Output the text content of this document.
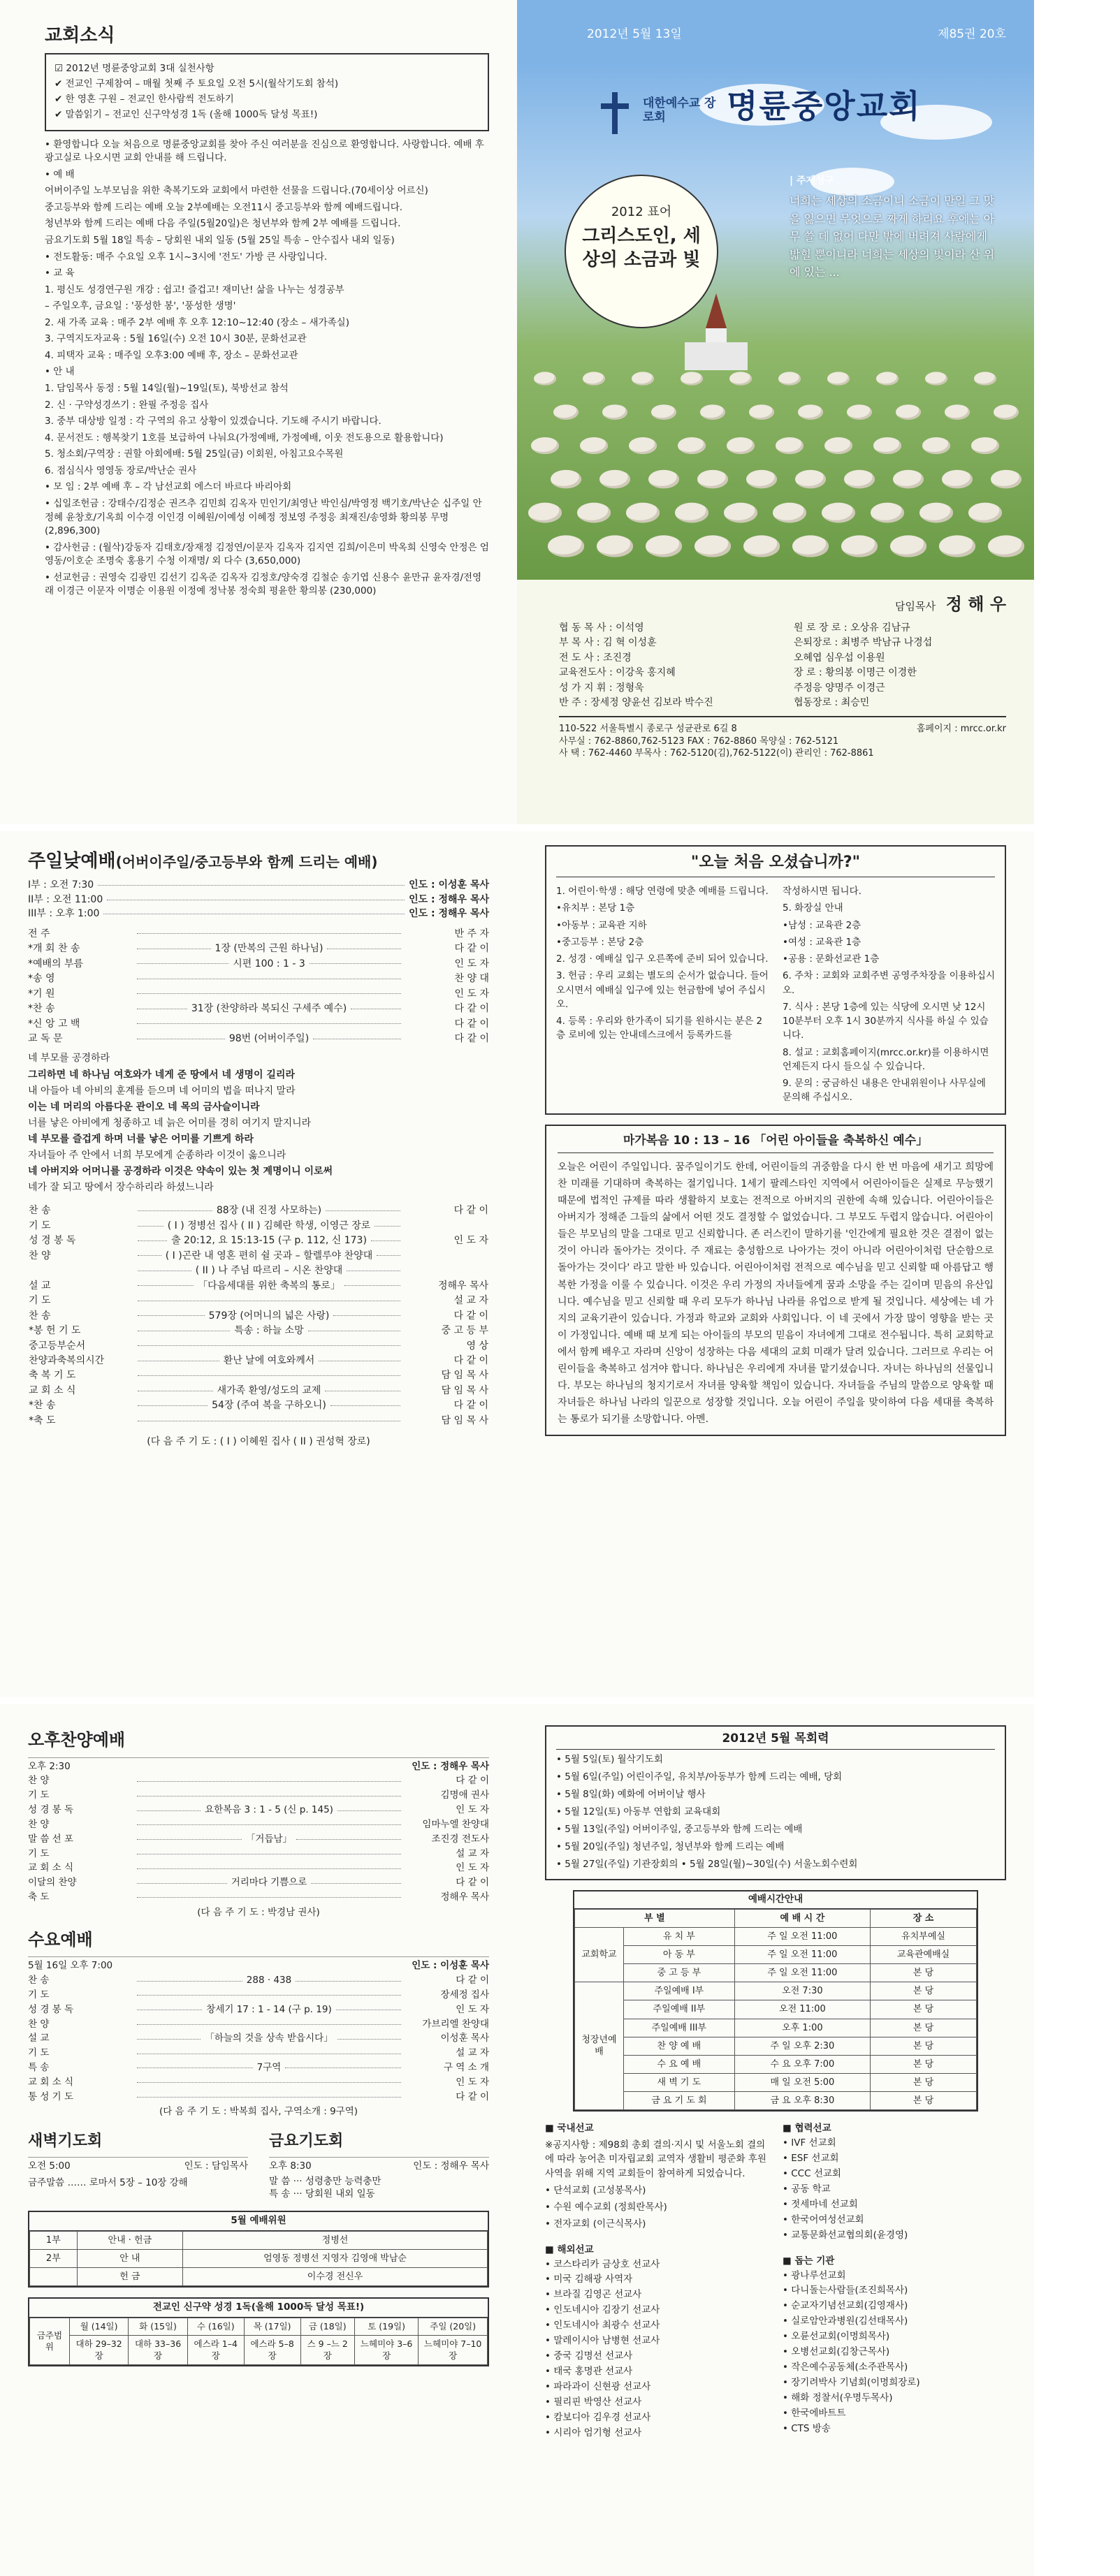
교회소식
☑ 2012년 명륜중앙교회 3대 실천사항
✔ 전교인 구제참여 – 매월 첫째 주 토요일 오전 5시(월삭기도회 참석)
✔ 한 영혼 구원 – 전교인 한사람씩 전도하기
✔ 말씀읽기 – 전교인 신구약성경 1독 (올해 1000독 달성 목표!)
• 환영합니다 오늘 처음으로 명륜중앙교회를 찾아 주신 여러분을 진심으로 환영합니다. 사랑합니다. 예배 후 광고실로 나오시면 교회 안내를 해 드립니다.
• 예 배
어버이주일 노부모님을 위한 축복기도와 교회에서 마련한 선물을 드립니다.(70세이상 어르신)
중고등부와 함께 드리는 예배 오늘 2부예배는 오전11시 중고등부와 함께 예배드립니다.
청년부와 함께 드리는 예배 다음 주일(5월20일)은 청년부와 함께 2부 예배를 드립니다.
금요기도회 5월 18일 특송 – 당회원 내외 일동 (5월 25일 특송 – 안수집사 내외 일동)
• 전도활동: 매주 수요일 오후 1시~3시에 '전도' 가방 큰 사랑입니다.
• 교 육
1. 평신도 성경연구원 개강 : 쉽고! 즐겁고! 재미난! 삶을 나누는 성경공부
– 주일오후, 금요일 : '풍성한 봉', '풍성한 생명'
2. 새 가족 교육 : 매주 2부 예배 후 오후 12:10~12:40 (장소 – 새가족실)
3. 구역지도자교육 : 5월 16일(수) 오전 10시 30분, 문화선교관
4. 피택자 교육 : 매주일 오후3:00 예배 후, 장소 – 문화선교관
• 안 내
1. 담임목사 동정 : 5월 14일(월)~19일(토), 북방선교 참석
2. 신 · 구약성경쓰기 : 완필 주정응 집사
3. 중부 대상방 일정 : 각 구역의 유고 상황이 있겠습니다. 기도해 주시기 바랍니다.
4. 문서전도 : 행복찾기 1호를 보급하여 나눠요(가정예배, 가정예배, 이웃 전도용으로 활용합니다)
5. 청소회/구역장 : 권할 아회에배: 5월 25일(금) 이회원, 아침고요수목원
6. 점심식사 영영동 장로/박난순 권사
• 모 임 : 2부 예배 후 – 각 남선교회 에스더 바르다 바리아회
• 십일조헌금 : 강태수/김정순 권즈추 김민희 김옥자 민인기/최영난 박인심/박영정 백기호/박난순 십주일 안정혜 윤창호/기옥희 이수경 이인경 이혜원/이예성 이혜정 정보영 주정응 최재진/송영화 황의봉 무명 (2,896,300)
• 감사헌금 : (월삭)강동자 김태호/장재정 김정연/이문자 김옥자 김지연 김희/이은미 박옥희 신영숙 안정은 엄영동/이호순 조명숙 홍용기 수청 이재명/ 외 다수 (3,650,000)
• 선교헌금 : 권영숙 김광민 김선기 김옥준 김옥자 김정호/양숙경 김철순 송기엽 신용수 윤만규 윤자경/전영래 이경근 이문자 이명순 이용원 이정예 정낙봉 정숙희 평윤한 황의봉 (230,000)
2012년 5월 13일	제85권 20호
대한예수교 장로회	명륜중앙교회
2012 표어
그리스도인, 세상의 소금과 빛
| 주제성구
너희는 세상의 소금이니 소금이 만일 그 맛을 잃으면 무엇으로 짜게 하리요 후에는 아무 쓸 데 없어 다만 밖에 버려져 사람에게 밟힐 뿐이니라 너희는 세상의 빛이라 산 위에 있는 ...
담임목사 정 해 우
협 동 목 사 : 이석영	원 로 장 로 : 오상유 김남규
부 목 사 : 김 혁 이성훈	은퇴장로 : 최병주 박남규 나경섭
전 도 사 : 조진경	오혜엽 심우섭 이용원
교육전도사 : 이강욱 홍지혜	장 로 : 황의봉 이명근 이경한
성 가 지 휘 : 정형욱	주정응 양명주 이경근
반 주 : 장세정 양윤선 김보라 박수진	협동장로 : 최승민
110-522 서울특별시 종로구 성균관로 6길 8	홈페이지 : mrcc.or.kr
사무실 : 762-8860,762-5123 FAX : 762-8860 목양실 : 762-5121
사 택 : 762-4460 부목사 : 762-5120(김),762-5122(이) 관리인 : 762-8861
주일낮예배(어버이주일/중고등부와 함께 드리는 예배)
I부 : 오전 7:30	인도 : 이성훈 목사
II부 : 오전 11:00	인도 : 정해우 목사
III부 : 오후 1:00	인도 : 정해우 목사
전 주	반 주 자
*개 회 찬 송	1장 (만복의 근원 하나님)	다 같 이
*예배의 부름	시편 100 : 1 - 3	인 도 자
*송 영	찬 양 대
*기 원	인 도 자
*찬 송	31장 (찬양하라 복되신 구세주 예수)	다 같 이
*신 앙 고 백	다 같 이
교 독 문	98번 (어버이주일)	다 같 이
네 부모를 공경하라
그리하면 네 하나님 여호와가 네게 준 땅에서 네 생명이 길리라
내 아들아 네 아비의 훈계를 듣으며 네 어미의 법을 떠나지 말라
이는 네 머리의 아름다운 관이오 네 목의 금사슬이니라
너를 낳은 아비에게 청종하고 네 늙은 어미를 경히 여기지 말지니라
네 부모를 즐겁게 하며 너를 낳은 어미를 기쁘게 하라
자녀들아 주 안에서 너희 부모에게 순종하라 이것이 옳으니라
네 아버지와 어머니를 공경하라 이것은 약속이 있는 첫 계명이니 이로써
네가 잘 되고 땅에서 장수하리라 하셨느니라
찬 송	88장 (내 진정 사모하는)	다 같 이
기 도	( I ) 정병선 집사 ( II ) 김혜란 학생, 이영근 장로
성 경 봉 독	출 20:12, 요 15:13-15 (구 p. 112, 신 173)	인 도 자
찬 양	( I )곤란 내 영혼 편히 쉴 곳과 – 할렐루야 찬양대
( II ) 나 주님 따르리 – 시온 찬양대
설 교	「다음세대를 위한 축복의 통로」	정해우 목사
기 도	설 교 자
찬 송	579장 (어머니의 넓은 사랑)	다 같 이
*봉 헌 기 도	특송 : 하늘 소망	중 고 등 부
중고등부순서	영 상
찬양과축복의시간	환난 날에 여호와께서	다 같 이
축 복 기 도	담 임 목 사
교 회 소 식	새가족 환영/성도의 교제	담 임 목 사
*찬 송	54장 (주여 복을 구하오니)	다 같 이
*축 도	담 임 목 사
(다 음 주 기 도 : ( I ) 이혜원 집사 ( II ) 권성혁 장로)
"오늘 처음 오셨습니까?"
1. 어린이·학생 : 해당 연령에 맞춘 예배를 드립니다.
•유치부 : 본당 1층
•아동부 : 교육관 지하
•중고등부 : 본당 2층
2. 성경 · 예배실 입구 오른쪽에 준비 되어 있습니다.
3. 헌금 : 우리 교회는 별도의 순서가 없습니다. 들어 오시면서 예배실 입구에 있는 헌금함에 넣어 주십시오.
4. 등록 : 우리와 한가족이 되기를 원하시는 분은 2층 로비에 있는 안내데스크에서 등록카드를
작성하시면 됩니다.
5. 화장실 안내
•남성 : 교육관 2층
•여성 : 교육관 1층
•공용 : 문화선교관 1층
6. 주차 : 교회와 교회주변 공영주차장을 이용하십시오.
7. 식사 : 본당 1층에 있는 식당에 오시면 낮 12시 10분부터 오후 1시 30분까지 식사를 하실 수 있습니다.
8. 설교 : 교회홈페이지(mrcc.or.kr)를 이용하시면 언제든지 다시 들으실 수 있습니다.
9. 문의 : 궁금하신 내용은 안내위원이나 사무실에 문의해 주십시오.
마가복음 10 : 13 – 16 「어린 아이들을 축복하신 예수」
오늘은 어린이 주일입니다. 꿈주일이기도 한데, 어린이들의 귀중함을 다시 한 번 마음에 새기고 희망에 찬 미래를 기대하며 축복하는 절기입니다. 1세기 팔레스타인 지역에서 어린아이들은 실제로 무능했기 때문에 법적인 규제를 따라 생활하지 보호는 전적으로 아버지의 권한에 속해 있습니다. 어린아이들은 아버지가 정해준 그들의 삶에서 어떤 것도 결정할 수 없었습니다. 그 부모도 두렵지 않습니다. 어린아이들은 부모님의 말을 그대로 믿고 신뢰합니다. 존 러스킨이 말하기를 '인간에게 필요한 것은 결점이 없는 것이 아니라 돌아가는 것이다. 주 재료는 충성함으로 나아가는 것이 아니라 어린아이처럼 단순함으로 돌아가는 것이다' 라고 말한 바 있습니다. 어린아이처럼 전적으로 예수님을 믿고 신뢰할 때 아름답고 행복한 가정을 이룰 수 있습니다. 이것은 우리 가정의 자녀들에게 꿈과 소망을 주는 길이며 믿음의 유산입니다. 예수님을 믿고 신뢰할 때 우리 모두가 하나님 나라를 유업으로 받게 될 것입니다. 세상에는 네 가지의 교육기관이 있습니다. 가정과 학교와 교회와 사회입니다. 이 네 곳에서 가장 많이 영향을 받는 곳이 가정입니다. 예배 때 보게 되는 아이들의 부모의 믿음이 자녀에게 그대로 전수됩니다. 특히 교회학교에서 함께 배우고 자라며 신앙이 성장하는 다음 세대의 교회 미래가 달려 있습니다. 그러므로 우리는 어린이들을 축복하고 섬겨야 합니다. 하나님은 우리에게 자녀를 맡기셨습니다. 자녀는 하나님의 선물입니다. 부모는 하나님의 청지기로서 자녀를 양육할 책임이 있습니다. 자녀들을 주님의 말씀으로 양육할 때 자녀들은 하나님 나라의 일꾼으로 성장할 것입니다. 오늘 어린이 주일을 맞이하여 다음 세대를 축복하는 통로가 되기를 소망합니다. 아멘.
오후찬양예배
오후 2:30	인도 : 정해우 목사
찬 양	다 같 이
기 도	김명애 권사
성 경 봉 독	요한복음 3 : 1 - 5 (신 p. 145)	인 도 자
찬 양	임마누엘 찬양대
말 씀 선 포	「거듭남」	조진경 전도사
기 도	설 교 자
교 회 소 식	인 도 자
이달의 찬양	거리마다 기쁨으로	다 같 이
축 도	정해우 목사
(다 음 주 기 도 : 박경남 권사)
수요예배
5월 16일 오후 7:00	인도 : 이성훈 목사
찬 송	288 · 438	다 같 이
기 도	장세정 집사
성 경 봉 독	창세기 17 : 1 - 14 (구 p. 19)	인 도 자
찬 양	가브리엘 찬양대
설 교	「하늘의 것을 상속 받읍시다」	이성훈 목사
기 도	설 교 자
특 송	7구역	구 역 소 개
교 회 소 식	인 도 자
통 성 기 도	다 같 이
(다 음 주 기 도 : 박복희 집사, 구역소개 : 9구역)
새벽기도회
오전 5:00	인도 : 담임목사
금주말씀 …… 로마서 5장 – 10장 강해
금요기도회
오후 8:30	인도 : 정해우 목사
말 씀 ··· 성령충만 능력충만
특 송 ··· 당회원 내외 일동
5월 예배위원
1부	안내 · 헌금	정병선
2부	안 내	엄영동 정병선 지영자 김영애 박남순
	헌 금	이수경 전신우
전교인 신구약 성경 1독(올해 1000독 달성 목표!)
금주범위	월 (14일)	화 (15일)	수 (16일)	목 (17일)	금 (18일)	토 (19일)	주일 (20일)
	대하 29–32장	대하 33–36장	에스라 1–4장	에스라 5–8장	스 9 –느 2장	느헤미야 3–6장	느헤미야 7–10장
2012년 5월 목회력
• 5월 5일(토) 월삭기도회
• 5월 6일(주일) 어린이주일, 유치부/아동부가 함께 드리는 예배, 당회
• 5월 8일(화) 예화에 어버이날 행사
• 5월 12일(토) 아동부 연합회 교육대회
• 5월 13일(주일) 어버이주일, 중고등부와 함께 드리는 예배
• 5월 20일(주일) 청년주일, 청년부와 함께 드리는 예배
• 5월 27일(주일) 기관장회의 • 5월 28일(월)~30일(수) 서울노회수련회
예배시간안내
부 별		예 배 시 간	장 소
교회학교	유 치 부	주 일 오전 11:00	유치부예실
	아 동 부	주 일 오전 11:00	교육관예배실
	중 고 등 부	주 일 오전 11:00	본 당
청장년예배	주일예배 I부	오전 7:30	본 당
	주일예배 II부	오전 11:00	본 당
	주일예배 III부	오후 1:00	본 당
	찬 양 예 배	주 일 오후 2:30	본 당
	수 요 예 배	수 요 오후 7:00	본 당
	새 벽 기 도	매 일 오전 5:00	본 당
	금 요 기 도 회	금 요 오후 8:30	본 당
■ 국내선교
※공지사항 : 제98회 총회 결의·지시 및 서울노회 결의에 따라 농어촌 미자립교회 교역자 생활비 평준화 후원 사역을 위해 지역 교회들이 참여하게 되었습니다.
• 단석교회 (고성봉목사)
• 수원 예수교회 (정희란목사)
• 전자교회 (이근식목사)
■ 해외선교
• 코스타리카 금상호 선교사
• 미국 김해광 사역자
• 브라질 김영곤 선교사
• 인도네시아 김장기 선교사
• 인도네시아 최광수 선교사
• 말레이시아 남병현 선교사
• 중국 김명선 선교사
• 태국 홍명관 선교사
• 파라과이 신현광 선교사
• 필리핀 박영산 선교사
• 캄보디아 김우경 선교사
• 시리아 엄기형 선교사
■ 협력선교
• IVF 선교회
• ESF 선교회
• CCC 선교회
• 공동 학교
• 젓세마네 선교회
• 한국어여성선교회
• 교통문화선교협의회(윤경영)
■ 돕는 기관
• 광나루선교회
• 다니돌는사람들(조진희목사)
• 순교자기념선교회(김영재사)
• 실로암안과병원(김선태목사)
• 오륜선교회(이명희목사)
• 오병선교회(김창근목사)
• 작은예수공동체(소주관목사)
• 장기려박사 기념회(이명희장로)
• 해화 정찰서(우명두목사)
• 한국에바트트
• CTS 방송
